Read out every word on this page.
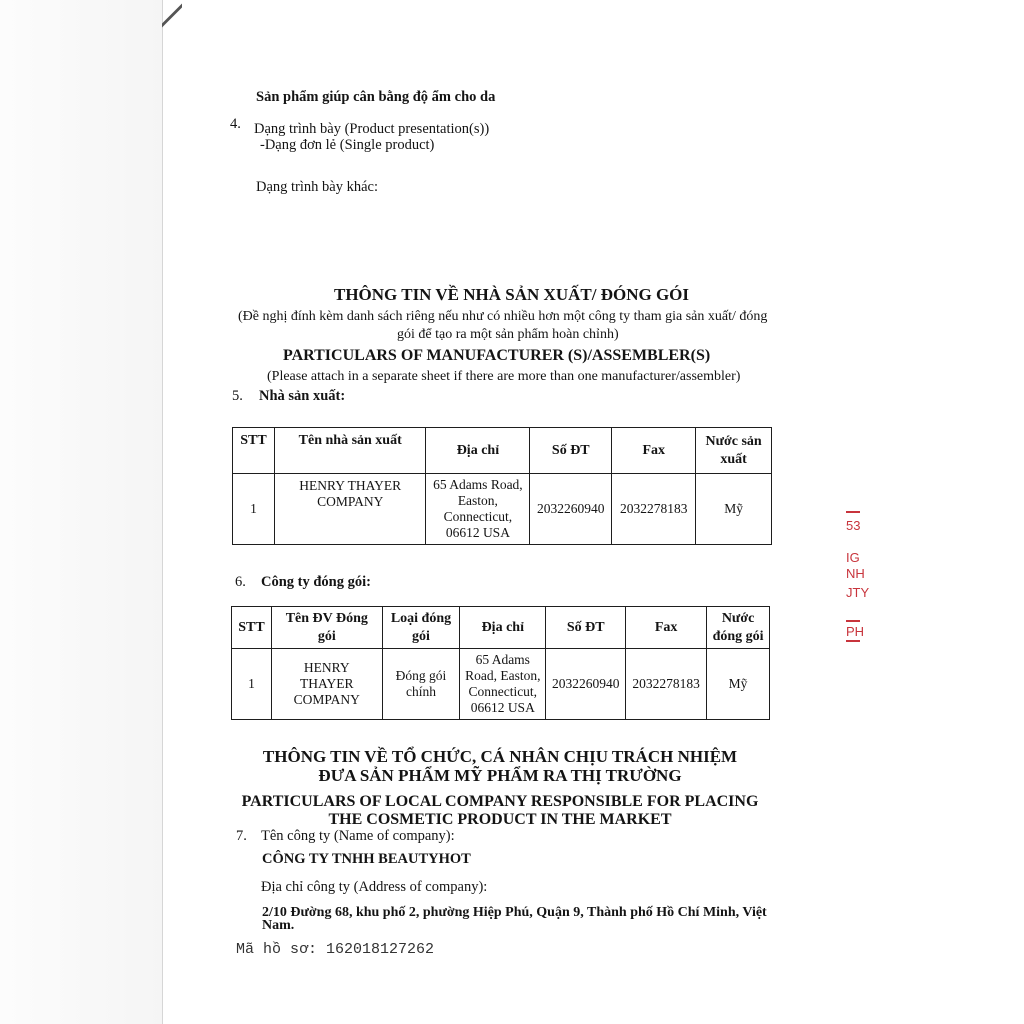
Sản phẩm giúp cân bằng độ ẩm cho da
4. Dạng trình bày (Product presentation(s))
-Dạng đơn lẻ (Single product)
Dạng trình bày khác:
THÔNG TIN VỀ NHÀ SẢN XUẤT/ ĐÓNG GÓI
(Đề nghị đính kèm danh sách riêng nếu như có nhiều hơn một công ty tham gia sản xuất/ đóng
gói để tạo ra một sản phẩm hoàn chỉnh)
PARTICULARS OF MANUFACTURER (S)/ASSEMBLER(S)
(Please attach in a separate sheet if there are more than one manufacturer/assembler)
5. Nhà sản xuất:
STT	Tên nhà sản xuất	Địa chỉ	Số ĐT	Fax	Nước sản
xuất
1	HENRY THAYER
COMPANY	65 Adams Road,
Easton,
Connecticut,
06612 USA	2032260940	2032278183	Mỹ
6. Công ty đóng gói:
STT	Tên ĐV Đóng
gói	Loại đóng
gói	Địa chỉ	Số ĐT	Fax	Nước
đóng gói
1	HENRY
THAYER
COMPANY	Đóng gói
chính	65 Adams
Road, Easton,
Connecticut,
06612 USA	2032260940	2032278183	Mỹ
THÔNG TIN VỀ TỔ CHỨC, CÁ NHÂN CHỊU TRÁCH NHIỆM
ĐƯA SẢN PHẨM MỸ PHẨM RA THỊ TRƯỜNG
PARTICULARS OF LOCAL COMPANY RESPONSIBLE FOR PLACING
THE COSMETIC PRODUCT IN THE MARKET
7. Tên công ty (Name of company):
CÔNG TY TNHH BEAUTYHOT
Địa chỉ công ty (Address of company):
2/10 Đường 68, khu phố 2, phường Hiệp Phú, Quận 9, Thành phố Hồ Chí Minh, Việt
Nam.
Mã hồ sơ: 162018127262
53
IG
NH
JTY
PH
